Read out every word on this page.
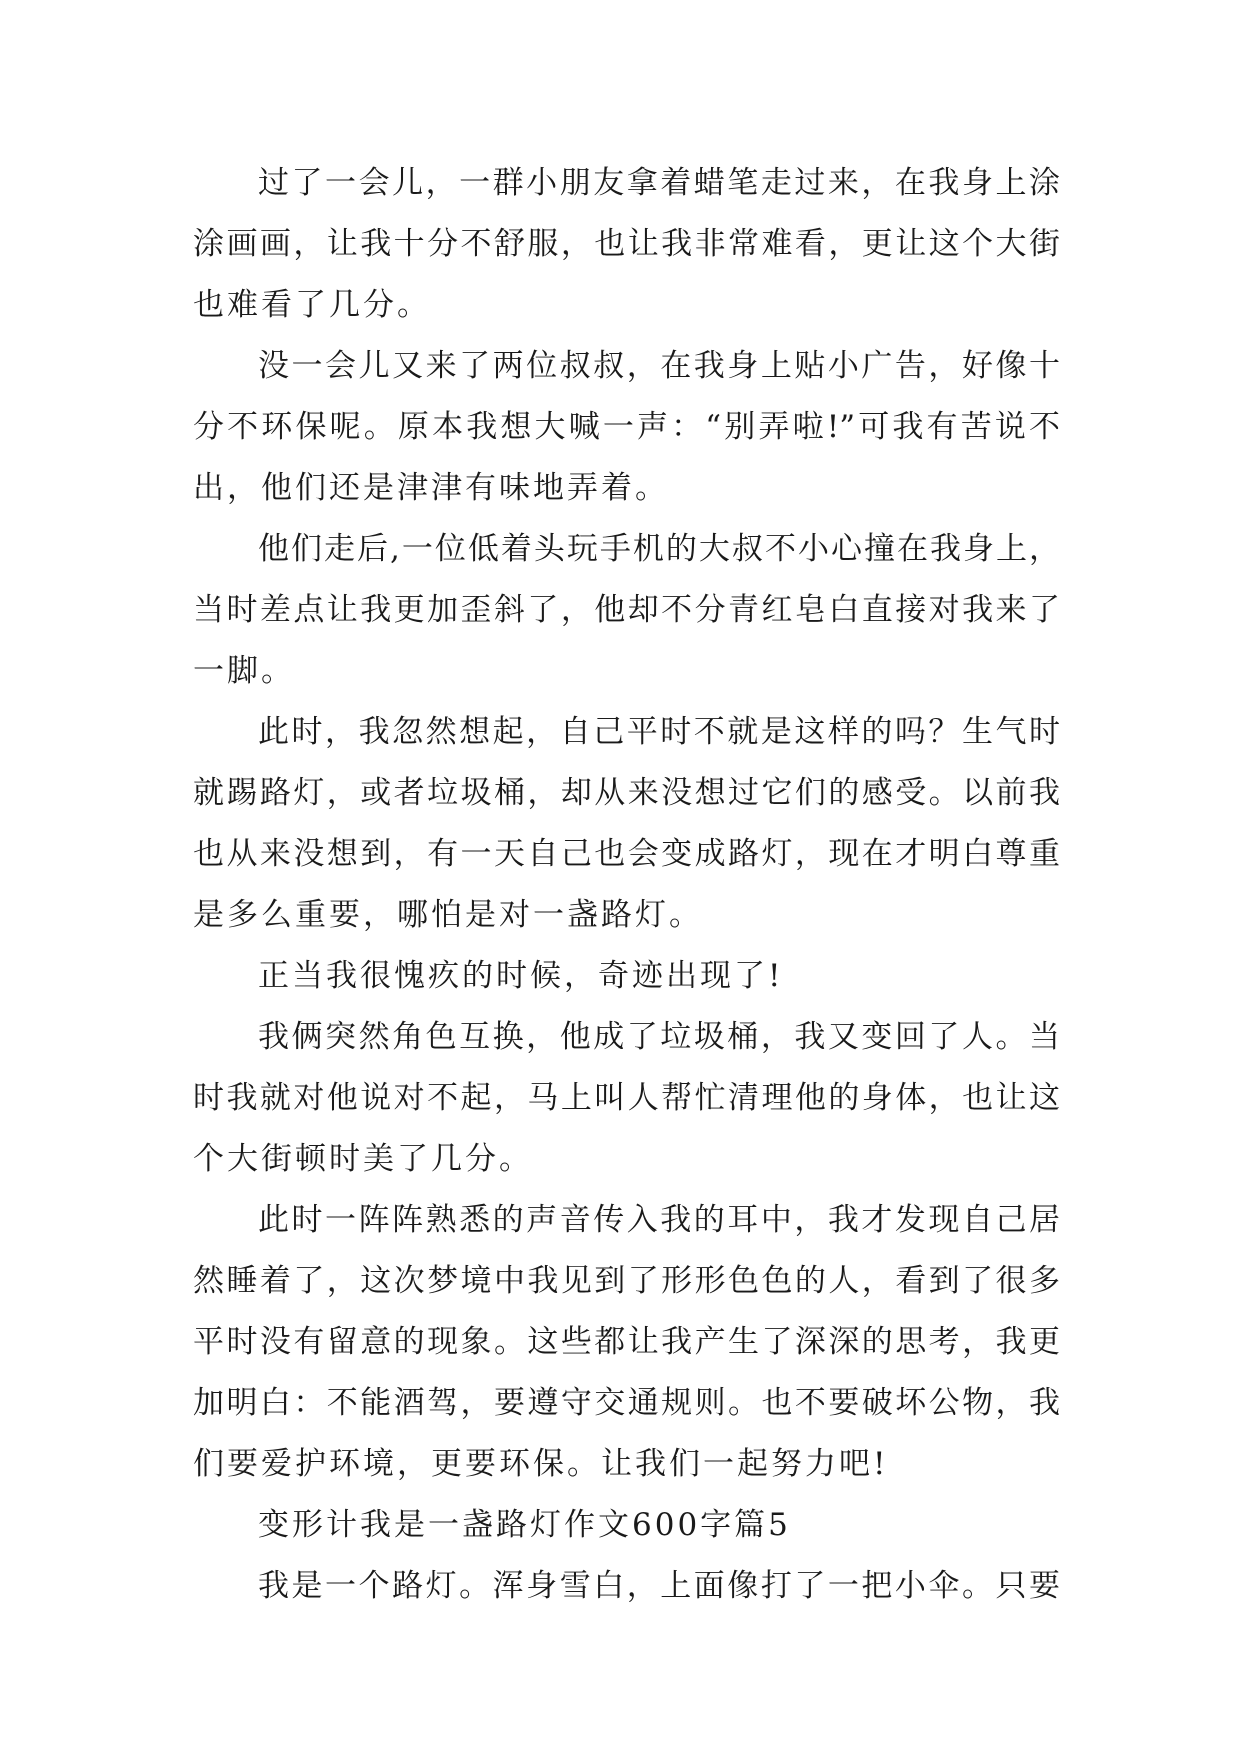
过了一会儿，一群小朋友拿着蜡笔走过来，在我身上涂

涂画画，让我十分不舒服，也让我非常难看，更让这个大街

也难看了几分。

没一会儿又来了两位叔叔，在我身上贴小广告，好像十

分不环保呢。原本我想大喊一声：“别弄啦!”可我有苦说不

出，他们还是津津有味地弄着。

他们走后,一位低着头玩手机的大叔不小心撞在我身上，

当时差点让我更加歪斜了，他却不分青红皂白直接对我来了

一脚。

此时，我忽然想起，自己平时不就是这样的吗？生气时

就踢路灯，或者垃圾桶，却从来没想过它们的感受。以前我

也从来没想到，有一天自己也会变成路灯，现在才明白尊重

是多么重要，哪怕是对一盏路灯。

正当我很愧疚的时候，奇迹出现了!

我俩突然角色互换，他成了垃圾桶，我又变回了人。当

时我就对他说对不起，马上叫人帮忙清理他的身体，也让这

个大街顿时美了几分。

此时一阵阵熟悉的声音传入我的耳中，我才发现自己居

然睡着了，这次梦境中我见到了形形色色的人，看到了很多

平时没有留意的现象。这些都让我产生了深深的思考，我更

加明白：不能酒驾，要遵守交通规则。也不要破坏公物，我

们要爱护环境，更要环保。让我们一起努力吧!

变形计我是一盏路灯作文600字篇5

我是一个路灯。浑身雪白，上面像打了一把小伞。只要
